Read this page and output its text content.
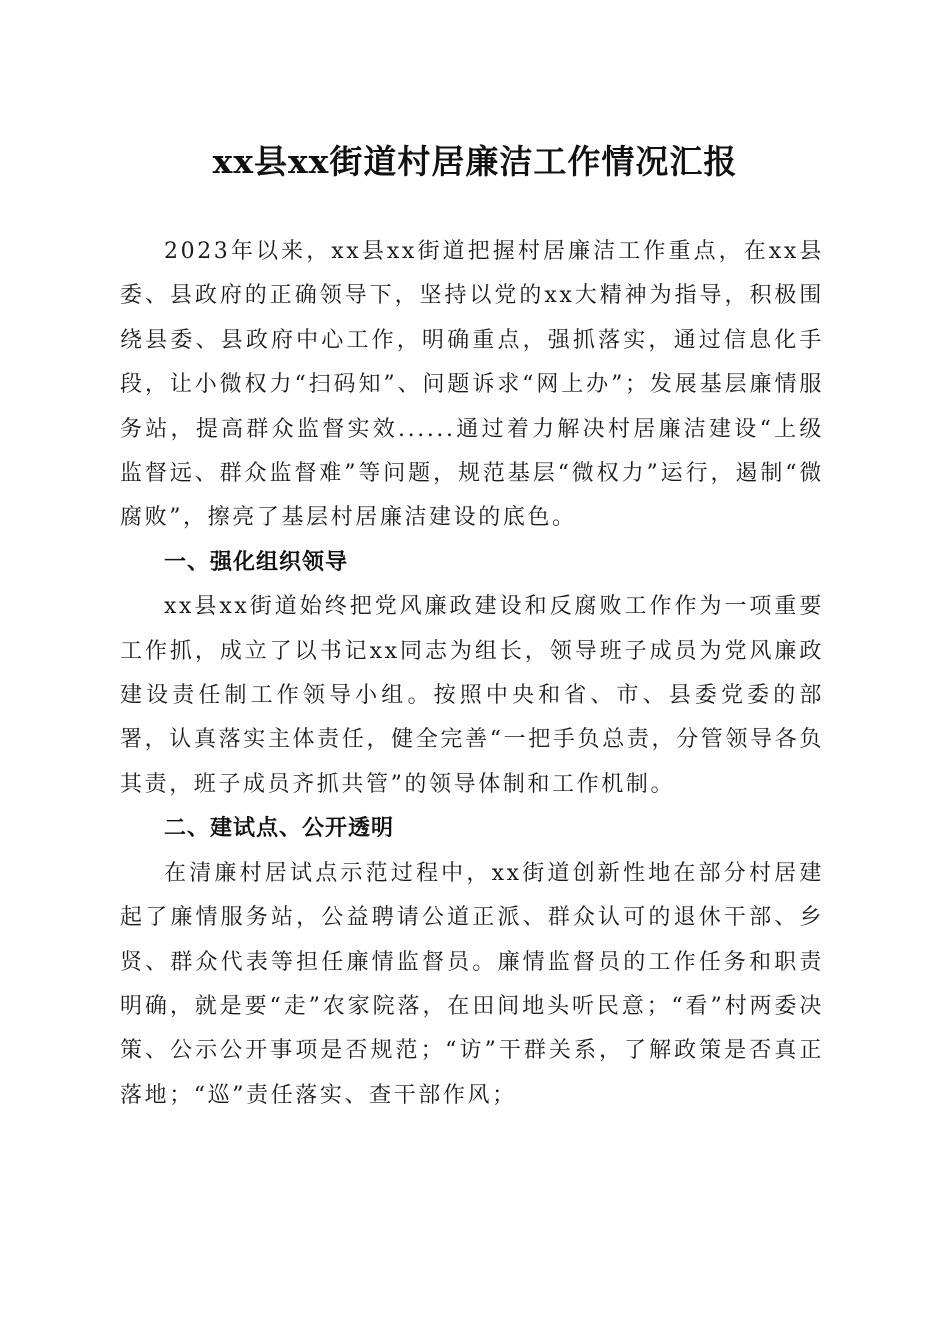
xx县xx街道村居廉洁工作情况汇报

2023年以来，xx县xx街道把握村居廉洁工作重点，在xx县委、县政府的正确领导下，坚持以党的xx大精神为指导，积极围绕县委、县政府中心工作，明确重点，强抓落实，通过信息化手段，让小微权力“扫码知”、问题诉求“网上办”；发展基层廉情服务站，提高群众监督实效......通过着力解决村居廉洁建设“上级监督远、群众监督难”等问题，规范基层“微权力”运行，遏制“微腐败”，擦亮了基层村居廉洁建设的底色。

一、强化组织领导

xx县xx街道始终把党风廉政建设和反腐败工作作为一项重要工作抓，成立了以书记xx同志为组长，领导班子成员为党风廉政建设责任制工作领导小组。按照中央和省、市、县委党委的部署，认真落实主体责任，健全完善“一把手负总责，分管领导各负其责，班子成员齐抓共管”的领导体制和工作机制。

二、建试点、公开透明

在清廉村居试点示范过程中，xx街道创新性地在部分村居建起了廉情服务站，公益聘请公道正派、群众认可的退休干部、乡贤、群众代表等担任廉情监督员。廉情监督员的工作任务和职责明确，就是要“走”农家院落，在田间地头听民意；“看”村两委决策、公示公开事项是否规范；“访”干群关系，了解政策是否真正落地；“巡”责任落实、查干部作风；
